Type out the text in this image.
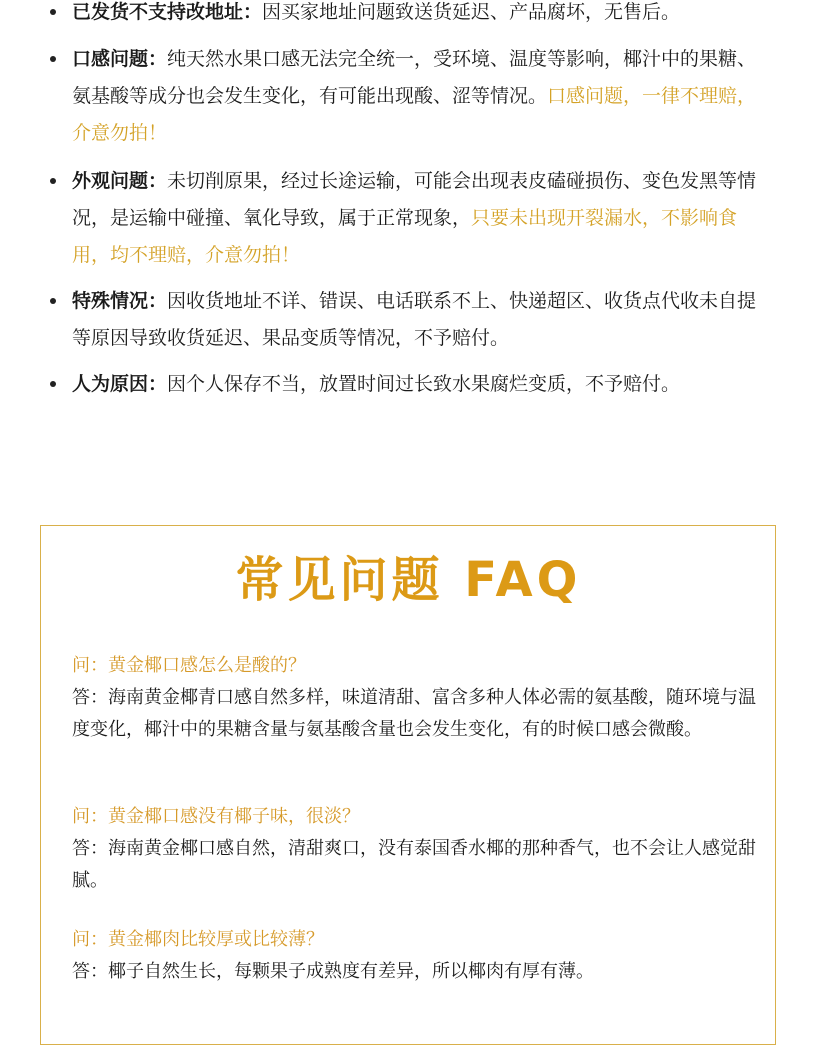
已发货不支持改地址：因买家地址问题致送货延迟、产品腐坏，无售后。
口感问题：纯天然水果口感无法完全统一，受环境、温度等影响，椰汁中的果糖、氨基酸等成分也会发生变化，有可能出现酸、涩等情况。口感问题，一律不理赔，介意勿拍！
外观问题：未切削原果，经过长途运输，可能会出现表皮磕碰损伤、变色发黑等情况，是运输中碰撞、氧化导致，属于正常现象，只要未出现开裂漏水，不影响食用，均不理赔，介意勿拍！
特殊情况：因收货地址不详、错误、电话联系不上、快递超区、收货点代收未自提等原因导致收货延迟、果品变质等情况，不予赔付。
人为原因：因个人保存不当，放置时间过长致水果腐烂变质，不予赔付。
常见问题 FAQ
问：黄金椰口感怎么是酸的？
答：海南黄金椰青口感自然多样，味道清甜、富含多种人体必需的氨基酸，随环境与温度变化，椰汁中的果糖含量与氨基酸含量也会发生变化，有的时候口感会微酸。
问：黄金椰口感没有椰子味，很淡？
答：海南黄金椰口感自然，清甜爽口，没有泰国香水椰的那种香气，也不会让人感觉甜腻。
问：黄金椰肉比较厚或比较薄？
答：椰子自然生长，每颗果子成熟度有差异，所以椰肉有厚有薄。
